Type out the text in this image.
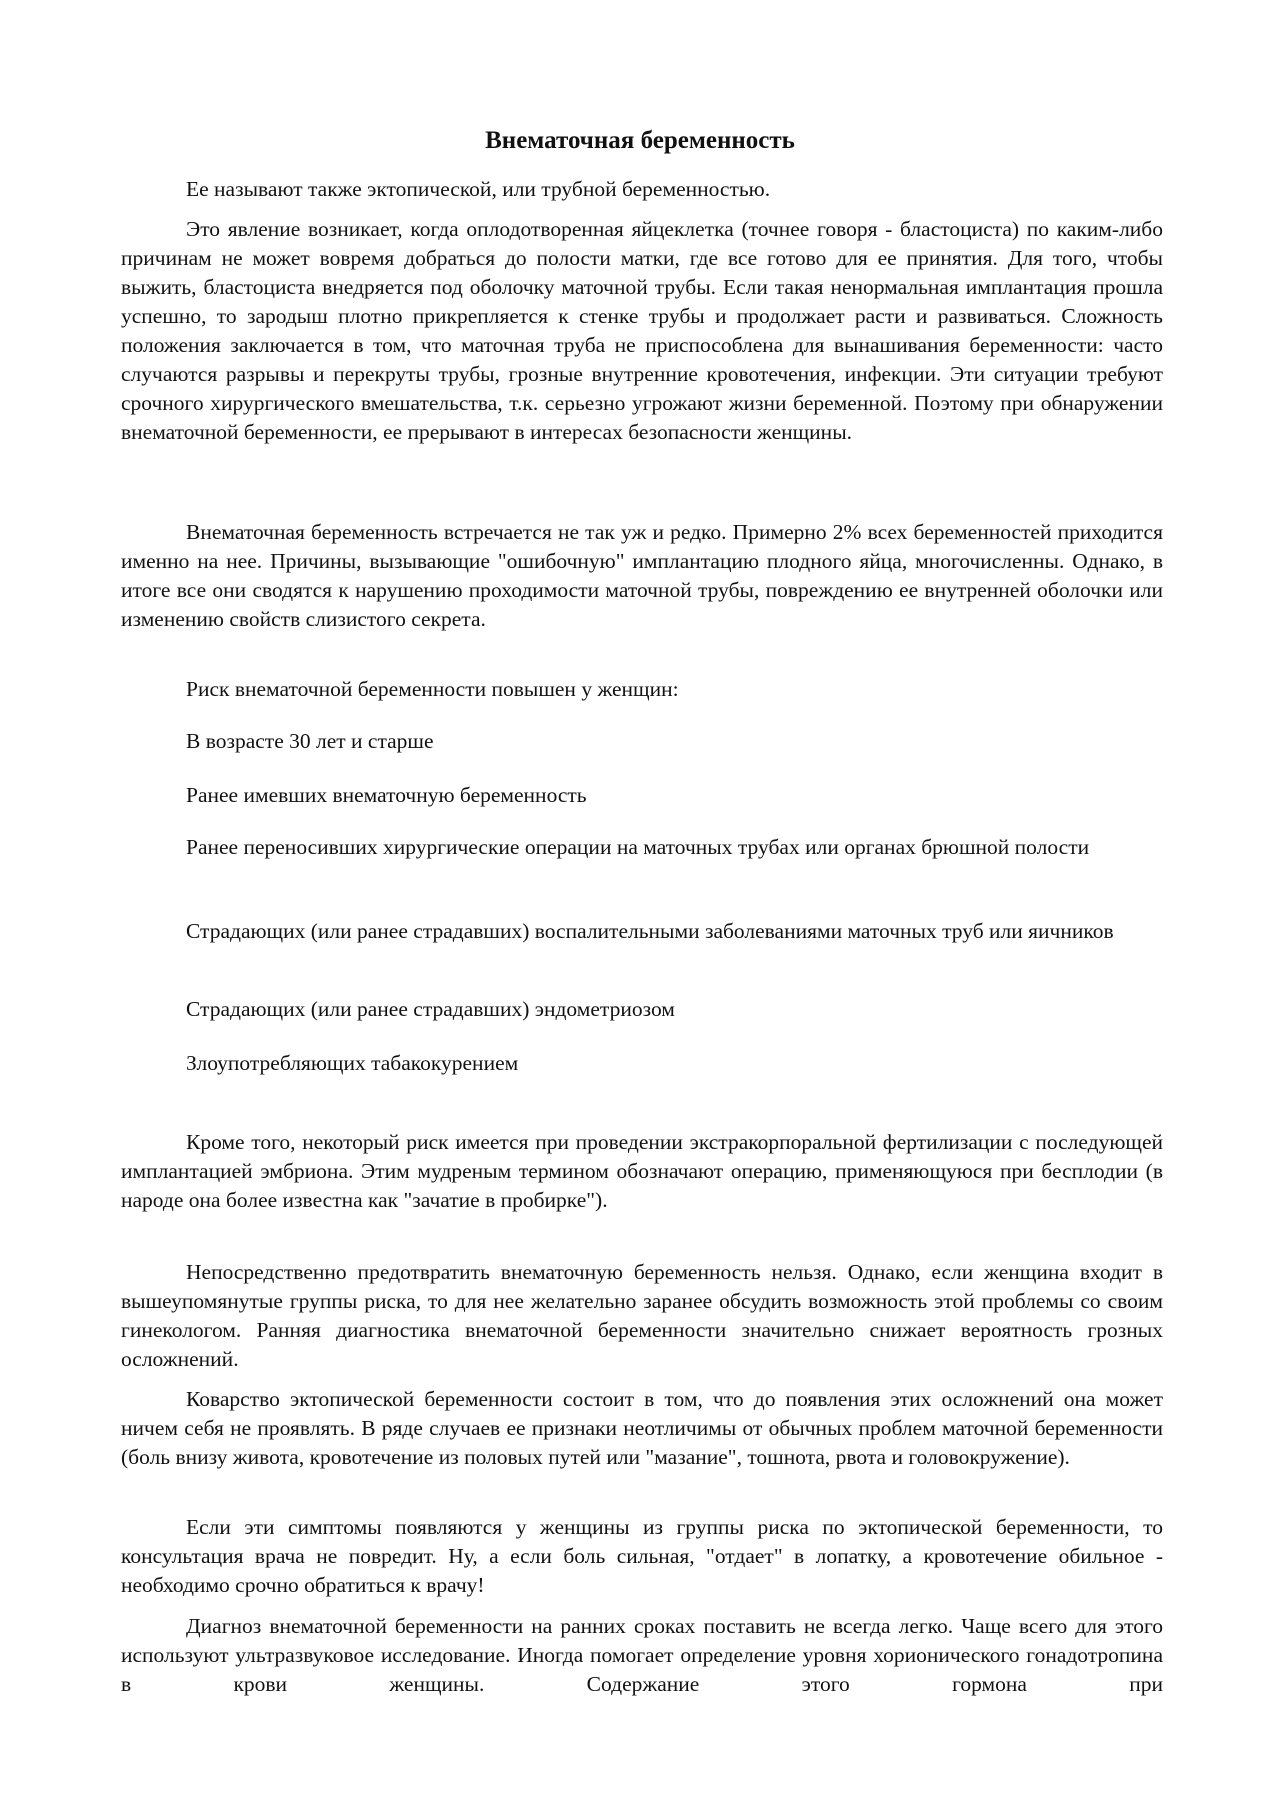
Внематочная беременность

Ее называют также эктопической, или трубной беременностью.

Это явление возникает, когда оплодотворенная яйцеклетка (точнее говоря - бластоциста) по каким-либо причинам не может вовремя добраться до полости матки, где все готово для ее принятия. Для того, чтобы выжить, бластоциста внедряется под оболочку маточной трубы. Если такая ненормальная имплантация прошла успешно, то зародыш плотно прикрепляется к стенке трубы и продолжает расти и развиваться. Сложность положения заключается в том, что маточная труба не приспособлена для вынашивания беременности: часто случаются разрывы и перекруты трубы, грозные внутренние кровотечения, инфекции. Эти ситуации требуют срочного хирургического вмешательства, т.к. серьезно угрожают жизни беременной. Поэтому при обнаружении внематочной беременности, ее прерывают в интересах безопасности женщины.

Внематочная беременность встречается не так уж и редко. Примерно 2% всех беременностей приходится именно на нее. Причины, вызывающие "ошибочную" имплантацию плодного яйца, многочисленны. Однако, в итоге все они сводятся к нарушению проходимости маточной трубы, повреждению ее внутренней оболочки или изменению свойств слизистого секрета.

Риск внематочной беременности повышен у женщин:

В возрасте 30 лет и старше

Ранее имевших внематочную беременность

Ранее переносивших хирургические операции на маточных трубах или органах брюшной полости

Страдающих (или ранее страдавших) воспалительными заболеваниями маточных труб или яичников

Страдающих (или ранее страдавших) эндометриозом

Злоупотребляющих табакокурением

Кроме того, некоторый риск имеется при проведении экстракорпоральной фертилизации с последующей имплантацией эмбриона. Этим мудреным термином обозначают операцию, применяющуюся при бесплодии (в народе она более известна как "зачатие в пробирке").

Непосредственно предотвратить внематочную беременность нельзя. Однако, если женщина входит в вышеупомянутые группы риска, то для нее желательно заранее обсудить возможность этой проблемы со своим гинекологом. Ранняя диагностика внематочной беременности значительно снижает вероятность грозных осложнений.

Коварство эктопической беременности состоит в том, что до появления этих осложнений она может ничем себя не проявлять. В ряде случаев ее признаки неотличимы от обычных проблем маточной беременности (боль внизу живота, кровотечение из половых путей или "мазание", тошнота, рвота и головокружение).

Если эти симптомы появляются у женщины из группы риска по эктопической беременности, то консультация врача не повредит. Ну, а если боль сильная, "отдает" в лопатку, а кровотечение обильное - необходимо срочно обратиться к врачу!

Диагноз внематочной беременности на ранних сроках поставить не всегда легко. Чаще всего для этого используют ультразвуковое исследование. Иногда помогает определение уровня хорионического гонадотропина в крови женщины. Содержание этого гормона при
